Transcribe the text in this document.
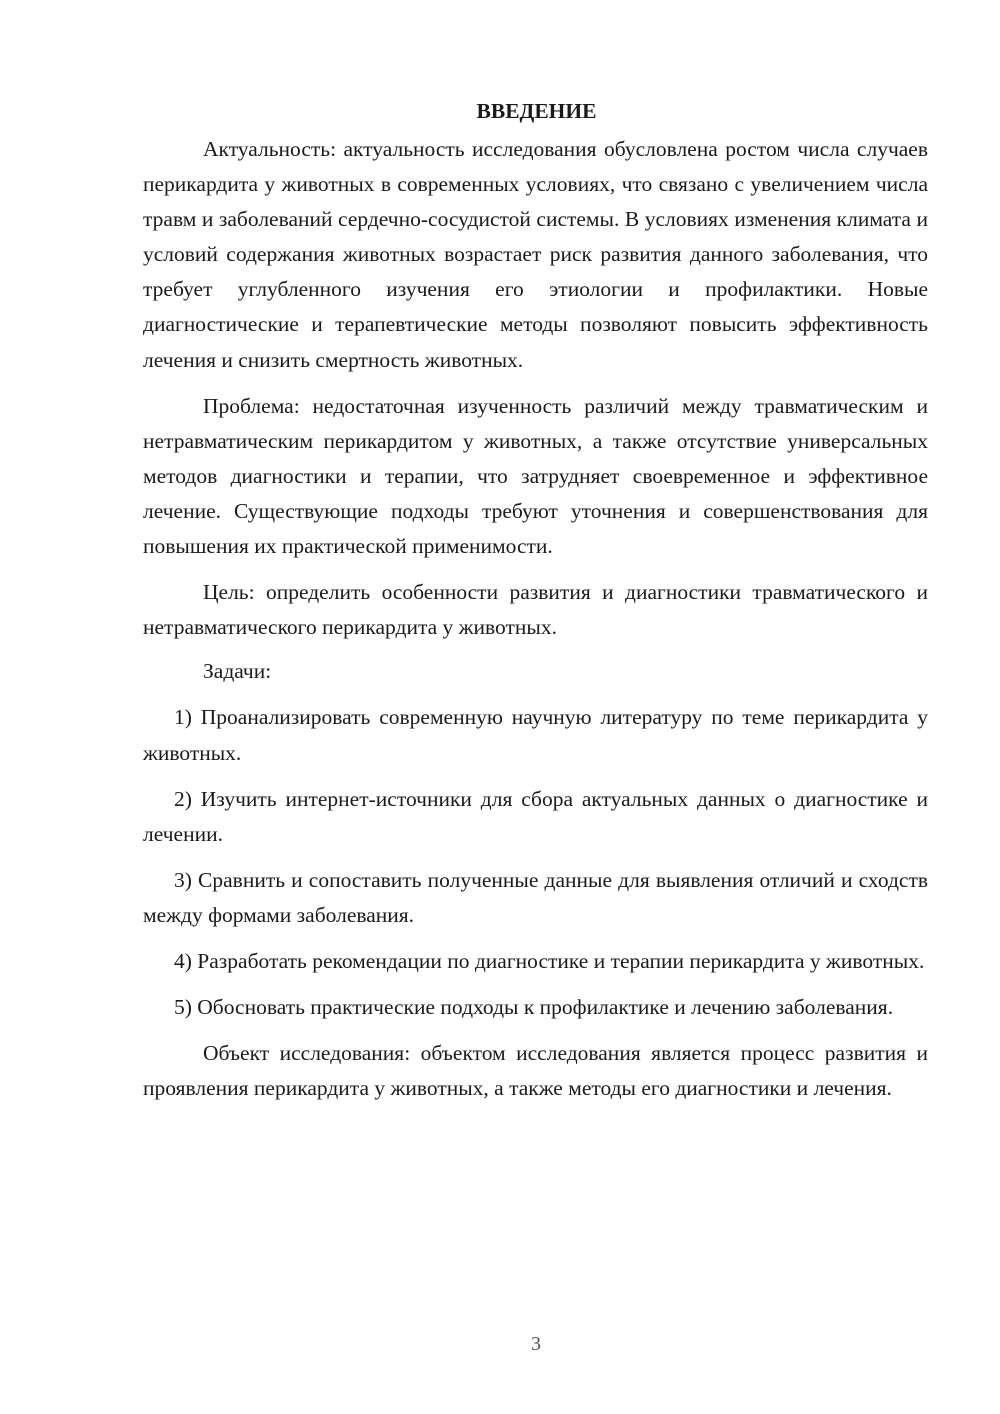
ВВЕДЕНИЕ

Актуальность: актуальность исследования обусловлена ростом числа случаев перикардита у животных в современных условиях, что связано с увеличением числа травм и заболеваний сердечно-сосудистой системы. В условиях изменения климата и условий содержания животных возрастает риск развития данного заболевания, что требует углубленного изучения его этиологии и профилактики. Новые диагностические и терапевтические методы позволяют повысить эффективность лечения и снизить смертность животных.

Проблема: недостаточная изученность различий между травматическим и нетравматическим перикардитом у животных, а также отсутствие универсальных методов диагностики и терапии, что затрудняет своевременное и эффективное лечение. Существующие подходы требуют уточнения и совершенствования для повышения их практической применимости.

Цель: определить особенности развития и диагностики травматического и нетравматического перикардита у животных.

Задачи:

1) Проанализировать современную научную литературу по теме перикардита у животных.

2) Изучить интернет-источники для сбора актуальных данных о диагностике и лечении.

3) Сравнить и сопоставить полученные данные для выявления отличий и сходств между формами заболевания.

4) Разработать рекомендации по диагностике и терапии перикардита у животных.

5) Обосновать практические подходы к профилактике и лечению заболевания.

Объект исследования: объектом исследования является процесс развития и проявления перикардита у животных, а также методы его диагностики и лечения.

3
